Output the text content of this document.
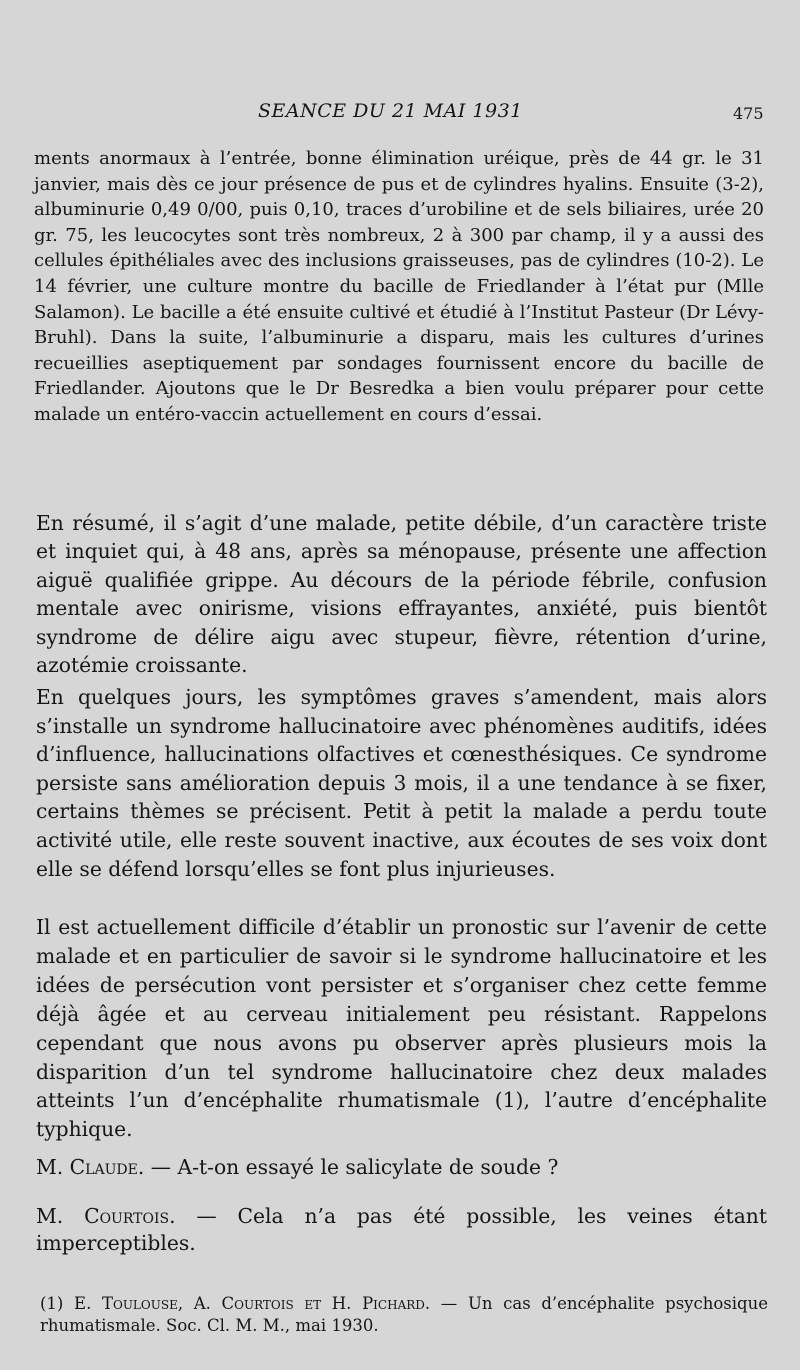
SEANCE DU 21 MAI 1931	475

ments anormaux à l’entrée, bonne élimination uréique, près de 44 gr. le 31 janvier, mais dès ce jour présence de pus et de cylindres hyalins. Ensuite (3-2), albuminurie 0,49 0/00, puis 0,10, traces d’urobiline et de sels biliaires, urée 20 gr. 75, les leucocytes sont très nombreux, 2 à 300 par champ, il y a aussi des cellules épithéliales avec des inclusions graisseuses, pas de cylindres (10-2). Le 14 février, une culture montre du bacille de Friedlander à l’état pur (Mlle Salamon). Le bacille a été ensuite cultivé et étudié à l’Institut Pasteur (Dr Lévy-Bruhl). Dans la suite, l’albuminurie a disparu, mais les cultures d’urines recueillies aseptiquement par sondages fournissent encore du bacille de Friedlander. Ajoutons que le Dr Besredka a bien voulu préparer pour cette malade un entéro-vaccin actuellement en cours d’essai.

En résumé, il s’agit d’une malade, petite débile, d’un caractère triste et inquiet qui, à 48 ans, après sa ménopause, présente une affection aiguë qualifiée grippe. Au décours de la période fébrile, confusion mentale avec onirisme, visions effrayantes, anxiété, puis bientôt syndrome de délire aigu avec stupeur, fièvre, rétention d’urine, azotémie croissante.

En quelques jours, les symptômes graves s’amendent, mais alors s’installe un syndrome hallucinatoire avec phénomènes auditifs, idées d’influence, hallucinations olfactives et cœnesthésiques. Ce syndrome persiste sans amélioration depuis 3 mois, il a une tendance à se fixer, certains thèmes se précisent. Petit à petit la malade a perdu toute activité utile, elle reste souvent inactive, aux écoutes de ses voix dont elle se défend lorsqu’elles se font plus injurieuses.

Il est actuellement difficile d’établir un pronostic sur l’avenir de cette malade et en particulier de savoir si le syndrome hallucinatoire et les idées de persécution vont persister et s’organiser chez cette femme déjà âgée et au cerveau initialement peu résistant. Rappelons cependant que nous avons pu observer après plusieurs mois la disparition d’un tel syndrome hallucinatoire chez deux malades atteints l’un d’encéphalite rhumatismale (1), l’autre d’encéphalite typhique.

M. Claude. — A-t-on essayé le salicylate de soude ?

M. Courtois. — Cela n’a pas été possible, les veines étant imperceptibles.

(1) E. Toulouse, A. Courtois et H. Pichard. — Un cas d’encéphalite psychosique rhumatismale. Soc. Cl. M. M., mai 1930.
